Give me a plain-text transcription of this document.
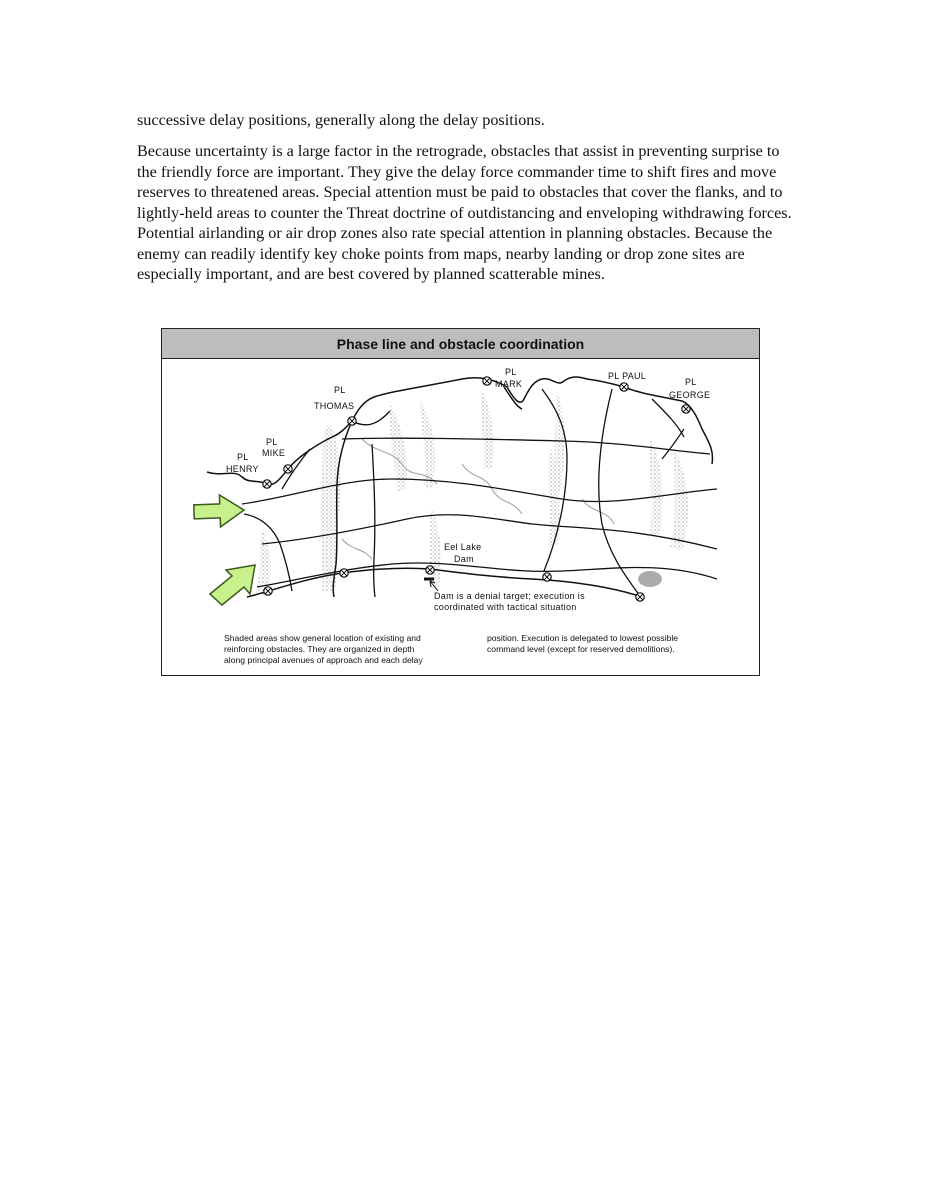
successive delay positions, generally along the delay positions.

Because uncertainty is a large factor in the retrograde, obstacles that assist in preventing surprise to the friendly force are important. They give the delay force commander time to shift fires and move reserves to threatened areas. Special attention must be paid to obstacles that cover the flanks, and to lightly-held areas to counter the Threat doctrine of outdistancing and enveloping withdrawing forces. Potential airlanding or air drop zones also rate special attention in planning obstacles. Because the enemy can readily identify key choke points from maps, nearby landing or drop zone sites are especially important, and are best covered by planned scatterable mines.

PL
HENRY
PL
MIKE
PL
THOMAS
PL
MARK
PL PAUL
PL
GEORGE
Eel Lake
Dam
Dam is a denial target; execution is
coordinated with tactical situation
Phase line and obstacle coordination

Shaded areas show general location of existing and
reinforcing obstacles. They are organized in depth
along principal avenues of approach and each delay

position. Execution is delegated to lowest possible
command level (except for reserved demolitions).
